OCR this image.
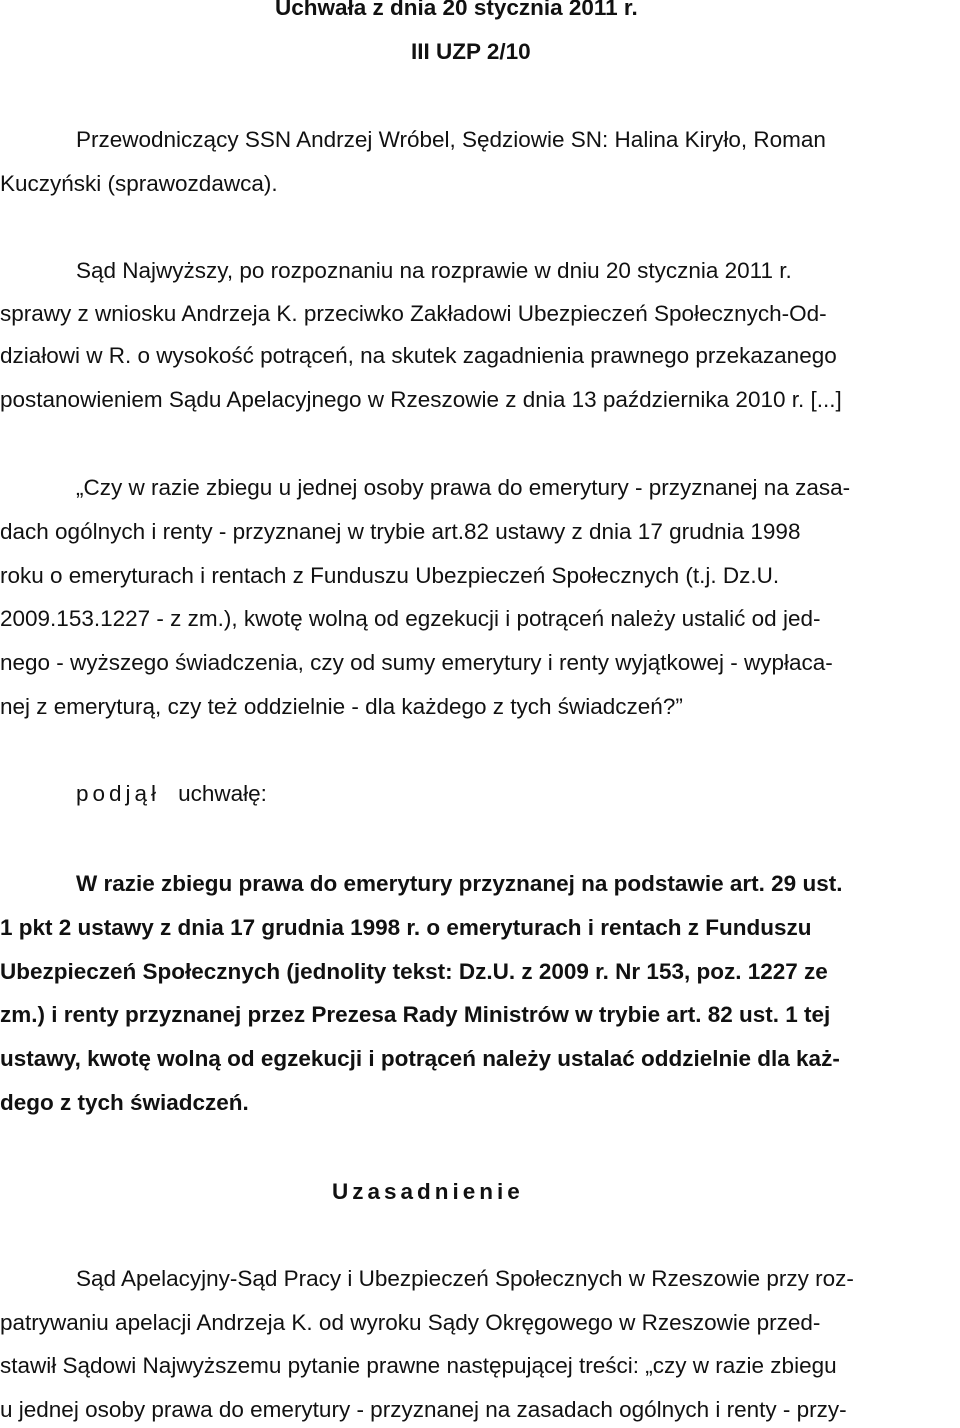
Uchwała z dnia 20 stycznia 2011 r.
III UZP 2/10
Przewodniczący SSN Andrzej Wróbel, Sędziowie SN: Halina Kiryło, Roman
Kuczyński (sprawozdawca).
Sąd Najwyższy, po rozpoznaniu na rozprawie w dniu 20 stycznia 2011 r.
sprawy z wniosku Andrzeja K. przeciwko Zakładowi Ubezpieczeń Społecznych-Od-
działowi w R. o wysokość potrąceń, na skutek zagadnienia prawnego przekazanego
postanowieniem Sądu Apelacyjnego w Rzeszowie z dnia 13 października 2010 r. [...]
„Czy w razie zbiegu u jednej osoby prawa do emerytury - przyznanej na zasa-
dach ogólnych i renty - przyznanej w trybie art.82 ustawy z dnia 17 grudnia 1998
roku o emeryturach i rentach z Funduszu Ubezpieczeń Społecznych (t.j. Dz.U.
2009.153.1227 - z zm.), kwotę wolną od egzekucji i potrąceń należy ustalić od jed-
nego - wyższego świadczenia, czy od sumy emerytury i renty wyjątkowej - wypłaca-
nej z emeryturą, czy też oddzielnie - dla każdego z tych świadczeń?”
podjął uchwałę:
W razie zbiegu prawa do emerytury przyznanej na podstawie art. 29 ust.
1 pkt 2 ustawy z dnia 17 grudnia 1998 r. o emeryturach i rentach z Funduszu
Ubezpieczeń Społecznych (jednolity tekst: Dz.U. z 2009 r. Nr 153, poz. 1227 ze
zm.) i renty przyznanej przez Prezesa Rady Ministrów w trybie art. 82 ust. 1 tej
ustawy, kwotę wolną od egzekucji i potrąceń należy ustalać oddzielnie dla każ-
dego z tych świadczeń.
Uzasadnienie
Sąd Apelacyjny-Sąd Pracy i Ubezpieczeń Społecznych w Rzeszowie przy roz-
patrywaniu apelacji Andrzeja K. od wyroku Sądy Okręgowego w Rzeszowie przed-
stawił Sądowi Najwyższemu pytanie prawne następującej treści: „czy w razie zbiegu
u jednej osoby prawa do emerytury - przyznanej na zasadach ogólnych i renty - przy-
